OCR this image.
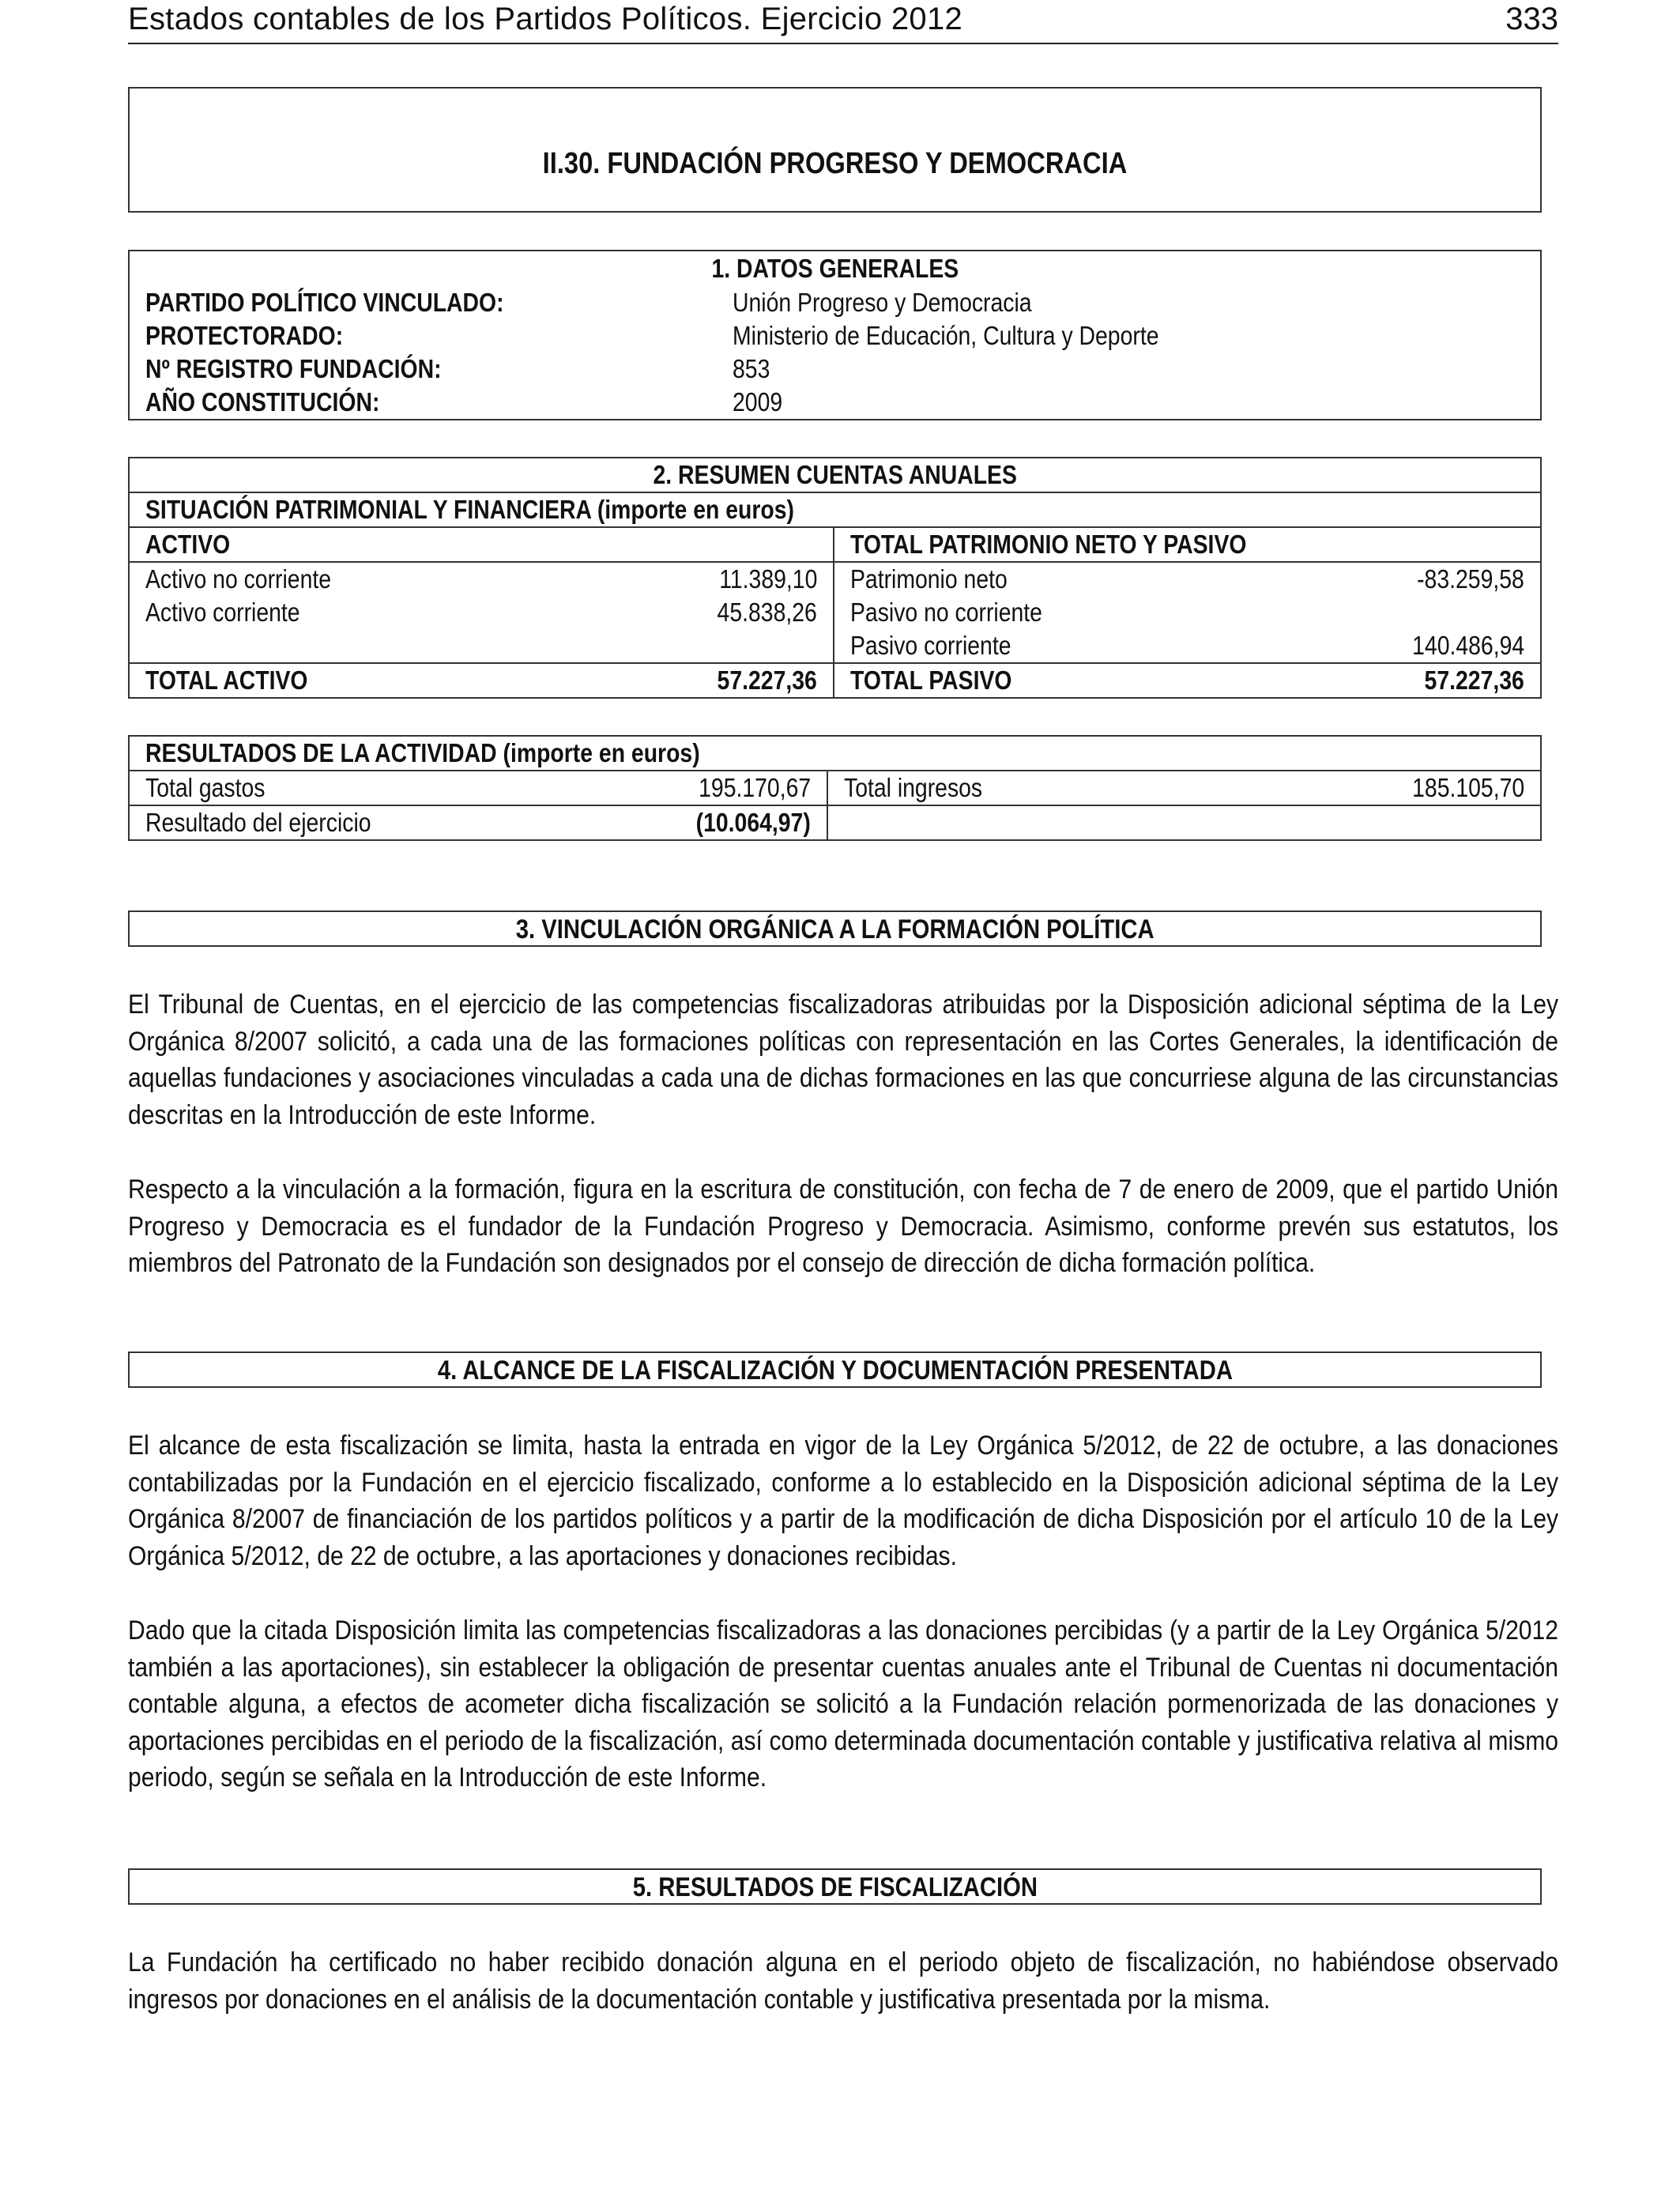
Estados contables de los Partidos Políticos. Ejercicio 2012	333
II.30. FUNDACIÓN PROGRESO Y DEMOCRACIA
1. DATOS GENERALES	
PARTIDO POLÍTICO VINCULADO:	Unión Progreso y Democracia
PROTECTORADO:	Ministerio de Educación, Cultura y Deporte
Nº REGISTRO FUNDACIÓN:	853
AÑO CONSTITUCIÓN:	2009
2. RESUMEN CUENTAS ANUALES			
SITUACIÓN PATRIMONIAL Y FINANCIERA (importe en euros)			
ACTIVO		TOTAL PATRIMONIO NETO Y PASIVO	
Activo no corriente	11.389,10	Patrimonio neto	-83.259,58
Activo corriente	45.838,26	Pasivo no corriente	
		Pasivo corriente	140.486,94
TOTAL ACTIVO	57.227,36	TOTAL PASIVO	57.227,36
RESULTADOS DE LA ACTIVIDAD (importe en euros)			
Total gastos	195.170,67	Total ingresos	185.105,70
Resultado del ejercicio	(10.064,97)		
3. VINCULACIÓN ORGÁNICA A LA FORMACIÓN POLÍTICA
El Tribunal de Cuentas, en el ejercicio de las competencias fiscalizadoras atribuidas por la Disposición adicional séptima de la Ley Orgánica 8/2007 solicitó, a cada una de las formaciones políticas con representación en las Cortes Generales, la identificación de aquellas fundaciones y asociaciones vinculadas a cada una de dichas formaciones en las que concurriese alguna de las circunstancias descritas en la Introducción de este Informe.
Respecto a la vinculación a la formación, figura en la escritura de constitución, con fecha de 7 de enero de 2009, que el partido Unión Progreso y Democracia es el fundador de la Fundación Progreso y Democracia. Asimismo, conforme prevén sus estatutos, los miembros del Patronato de la Fundación son designados por el consejo de dirección de dicha formación política.
4. ALCANCE DE LA FISCALIZACIÓN Y DOCUMENTACIÓN PRESENTADA
El alcance de esta fiscalización se limita, hasta la entrada en vigor de la Ley Orgánica 5/2012, de 22 de octubre, a las donaciones contabilizadas por la Fundación en el ejercicio fiscalizado, conforme a lo establecido en la Disposición adicional séptima de la Ley Orgánica 8/2007 de financiación de los partidos políticos y a partir de la modificación de dicha Disposición por el artículo 10 de la Ley Orgánica 5/2012, de 22 de octubre, a las aportaciones y donaciones recibidas.
Dado que la citada Disposición limita las competencias fiscalizadoras a las donaciones percibidas (y a partir de la Ley Orgánica 5/2012 también a las aportaciones), sin establecer la obligación de presentar cuentas anuales ante el Tribunal de Cuentas ni documentación contable alguna, a efectos de acometer dicha fiscalización se solicitó a la Fundación relación pormenorizada de las donaciones y aportaciones percibidas en el periodo de la fiscalización, así como determinada documentación contable y justificativa relativa al mismo periodo, según se señala en la Introducción de este Informe.
5. RESULTADOS DE FISCALIZACIÓN
La Fundación ha certificado no haber recibido donación alguna en el periodo objeto de fiscalización, no habiéndose observado ingresos por donaciones en el análisis de la documentación contable y justificativa presentada por la misma.
